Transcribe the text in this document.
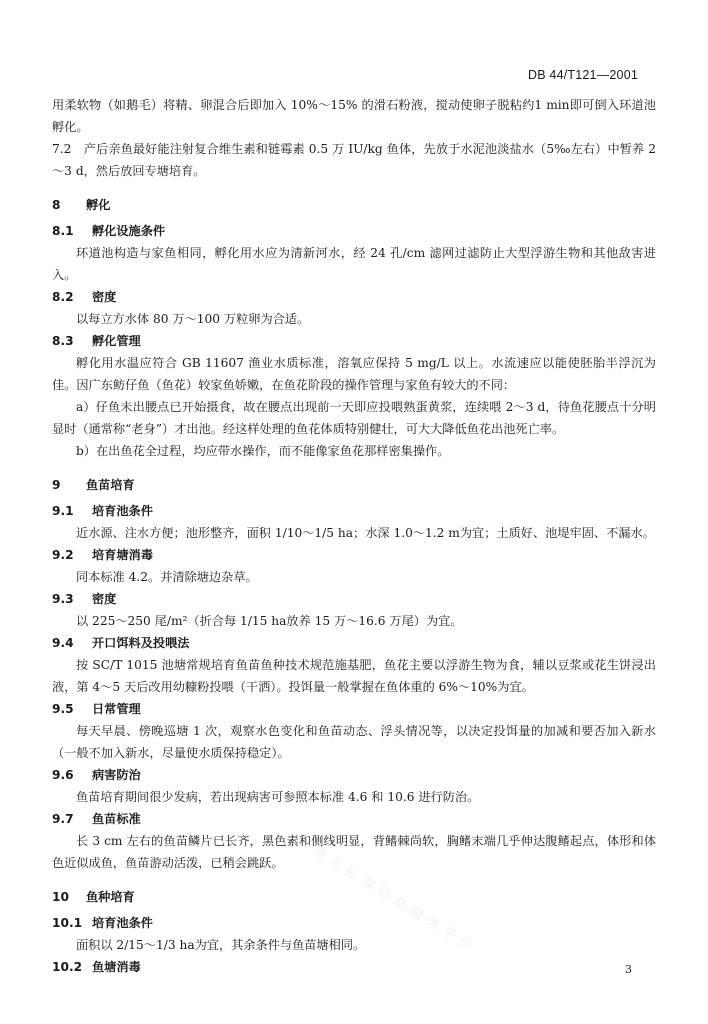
DB 44/T121—2001
用柔软物（如鹅毛）将精、卵混合后即加入 10%～15% 的滑石粉液，搅动使卵子脱粘约1 min即可倒入环道池孵化。
7.2　产后亲鱼最好能注射复合维生素和链霉素 0.5 万 IU/kg 鱼体，先放于水泥池淡盐水（5‰左右）中暂养 2～3 d，然后放回专塘培育。
8 孵化
8.1 孵化设施条件
环道池构造与家鱼相同，孵化用水应为清新河水，经 24 孔/cm 滤网过滤防止大型浮游生物和其他敌害进入。
8.2 密度
以每立方水体 80 万～100 万粒卵为合适。
8.3 孵化管理
孵化用水温应符合 GB 11607 渔业水质标准，溶氧应保持 5 mg/L 以上。水流速应以能使胚胎半浮沉为佳。因广东鲂仔鱼（鱼花）较家鱼娇嫩，在鱼花阶段的操作管理与家鱼有较大的不同：
a）仔鱼未出腰点已开始摄食，故在腰点出现前一天即应投喂熟蛋黄浆，连续喂 2～3 d，待鱼花腰点十分明显时（通常称“老身”）才出池。经这样处理的鱼花体质特别健壮，可大大降低鱼花出池死亡率。
b）在出鱼花全过程，均应带水操作，而不能像家鱼花那样密集操作。
9 鱼苗培育
9.1 培育池条件
近水源、注水方便；池形整齐，面积 1/10～1/5 ha；水深 1.0～1.2 m为宜；土质好、池堤牢固、不漏水。
9.2 培育塘消毒
同本标准 4.2。并清除塘边杂草。
9.3 密度
以 225～250 尾/m²（折合每 1/15 ha放养 15 万～16.6 万尾）为宜。
9.4 开口饵料及投喂法
按 SC/T 1015 池塘常规培育鱼苗鱼种技术规范施基肥，鱼花主要以浮游生物为食，辅以豆浆或花生饼浸出液，第 4～5 天后改用幼糠粉投喂（干洒）。投饵量一般掌握在鱼体重的 6%～10%为宜。
9.5 日常管理
每天早晨、傍晚巡塘 1 次，观察水色变化和鱼苗动态、浮头情况等，以决定投饵量的加减和要否加入新水（一般不加入新水，尽量使水质保持稳定）。
9.6 病害防治
鱼苗培育期间很少发病，若出现病害可参照本标准 4.6 和 10.6 进行防治。
9.7 鱼苗标准
长 3 cm 左右的鱼苗鳞片已长齐，黑色素和侧线明显，背鳍棘尚软，胸鳍末端几乎伸达腹鳍起点，体形和体色近似成鱼，鱼苗游动活泼，已稍会跳跃。
10 鱼种培育
10.1 培育池条件
面积以 2/15～1/3 ha为宜，其余条件与鱼苗塘相同。
10.2 鱼塘消毒
地方标准信息服务平台
3
